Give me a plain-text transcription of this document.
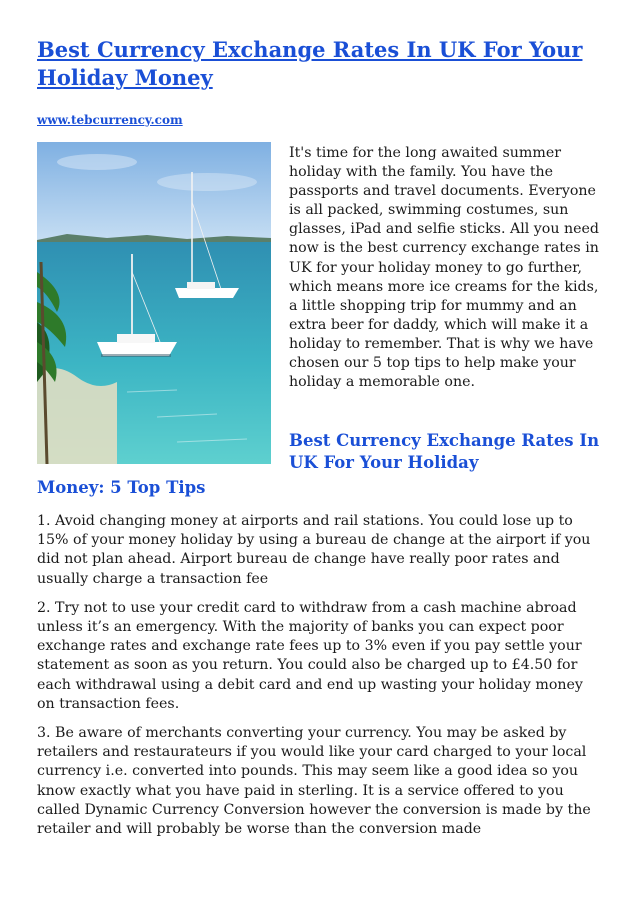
Best Currency Exchange Rates In UK For Your Holiday Money
www.tebcurrency.com

It's time for the long awaited summer holiday with the family. You have the passports and travel documents. Everyone is all packed, swimming costumes, sun glasses, iPad and selfie sticks. All you need now is the best currency exchange rates in UK for your holiday money to go further, which means more ice creams for the kids, a little shopping trip for mummy and an extra beer for daddy, which will make it a holiday to remember. That is why we have chosen our 5 top tips to help make your holiday a memorable one.

Best Currency Exchange Rates In UK For Your Holiday
Money: 5 Top Tips
1. Avoid changing money at airports and rail stations. You could lose up to 15% of your money holiday by using a bureau de change at the airport if you did not plan ahead. Airport bureau de change have really poor rates and usually charge a transaction fee
2. Try not to use your credit card to withdraw from a cash machine abroad unless it’s an emergency. With the majority of banks you can expect poor exchange rates and exchange rate fees up to 3% even if you pay settle your statement as soon as you return. You could also be charged up to £4.50 for each withdrawal using a debit card and end up wasting your holiday money on transaction fees.
3. Be aware of merchants converting your currency. You may be asked by retailers and restaurateurs if you would like your card charged to your local currency i.e. converted into pounds. This may seem like a good idea so you know exactly what you have paid in sterling. It is a service offered to you called Dynamic Currency Conversion however the conversion is made by the retailer and will probably be worse than the conversion made
